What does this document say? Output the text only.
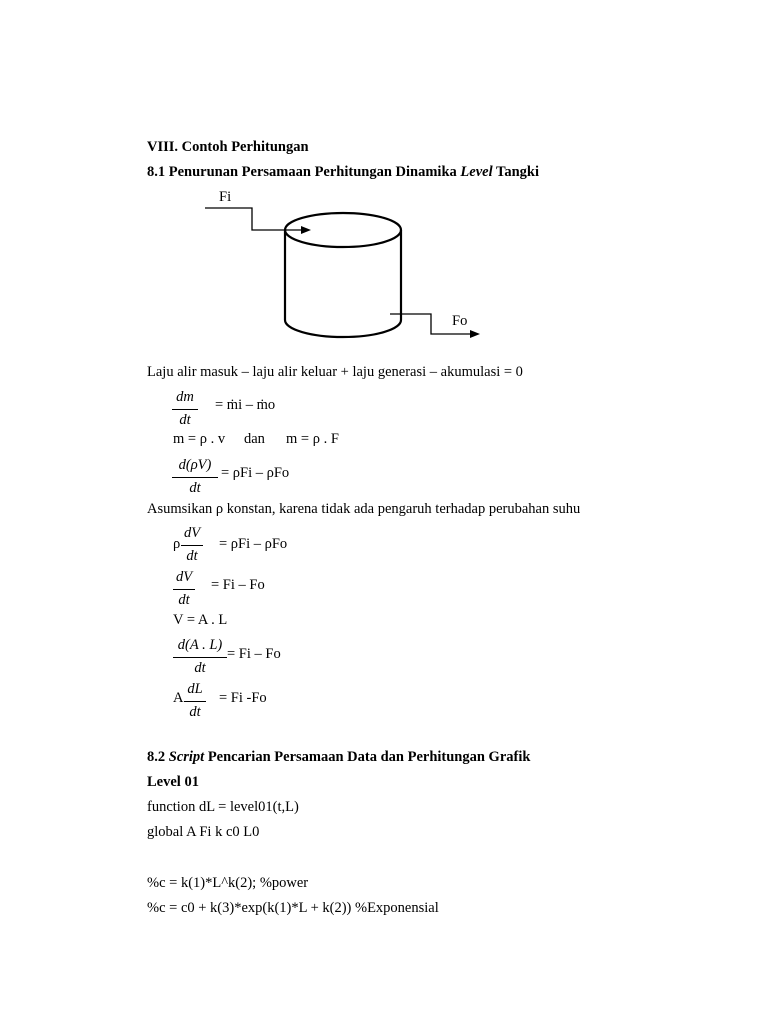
VIII. Contoh Perhitungan
8.1 Penurunan Persamaan Perhitungan Dinamika Level Tangki
Fi
Fo
Laju alir masuk – laju alir keluar + laju generasi – akumulasi = 0
dm
dt
= ṁi – ṁo
m = ρ . v dan m = ρ . F
d(ρV)
dt
= ρFi – ρFo
Asumsikan ρ konstan, karena tidak ada pengaruh terhadap perubahan suhu
ρ
dV
dt
= ρFi – ρFo
dV
dt
= Fi – Fo
V = A . L
d(A . L)
dt
= Fi – Fo
A
dL
dt
= Fi -Fo
8.2 Script Pencarian Persamaan Data dan Perhitungan Grafik
Level 01
function dL = level01(t,L)
global A Fi k c0 L0
%c = k(1)*L^k(2); %power
%c = c0 + k(3)*exp(k(1)*L + k(2)) %Exponensial
